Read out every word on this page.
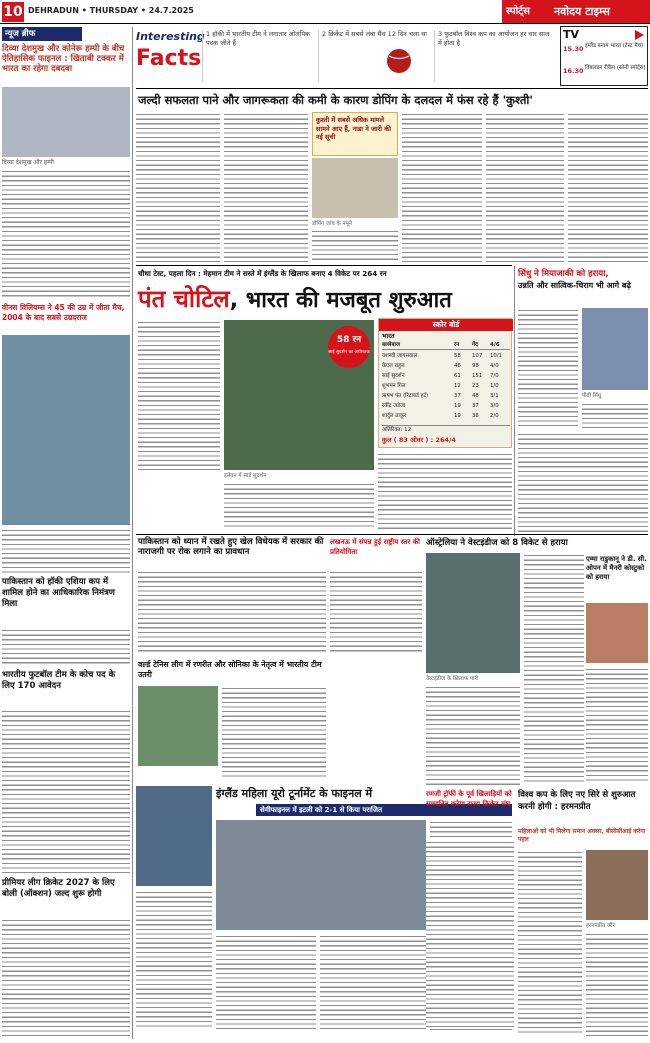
10 DEHRADUN • THURSDAY • 24.7.2025	स्पोर्ट्स	नवोदय टाइम्स
न्यूज ब्रीफ
दिव्या देशमुख और कोनेरू हम्पी के बीच ऐतिहासिक फाइनल : खिताबी टक्कर में भारत का रहेगा दबदबा
दिव्या देशमुख और हम्पी
वीनस विलियम्स ने 45 की उम्र में जीता मैच, 2004 के बाद सबसे उम्रदराज
पाकिस्तान को हॉकी एशिया कप में शामिल होने का आधिकारिक निमंत्रण मिला
भारतीय फुटबॉल टीम के कोच पद के लिए 170 आवेदन
प्रीमियर लीग क्रिकेट 2027 के लिए बोली (ऑक्शन) जल्द शुरू होगी
Interesting
Facts
1 हॉकी में भारतीय टीम ने लगातार ओलंपिक पदक जीते हैं
2 क्रिकेट में सबसे लंबा मैच 12 दिन चला था	3 फुटबॉल विश्व कप का आयोजन हर चार साल में होता है
TV
15.30 इंग्लैंड बनाम भारत (टेस्ट मैच)
16.30 विंबलडन रीकैप (सोनी स्पोर्ट्स)
जल्दी सफलता पाने और जागरूकता की कमी के कारण डोपिंग के दलदल में फंस रहे हैं 'कुश्ती'
कुश्ती में सबसे अधिक मामले सामने आए हैं, नाडा ने जारी की नई सूची
डोपिंग जांच के नमूने
चौथा टेस्ट, पहला दिन : मेहमान टीम ने सस्ते में इंग्लैंड के खिलाफ बनाए 4 विकेट पर 264 रन
पंत चोटिल, भारत की मजबूत शुरुआत
58 रन
साई सुदर्शन का अर्धशतक
इलेवन में साई सुदर्शन
स्कोर बोर्ड
भारत
बल्लेबाज	रन	गेंद	4/6
यशस्वी जायसवाल	58	107	10/1
केएल राहुल	46	98	4/0
साई सुदर्शन	61	151	7/0
शुभमन गिल	12	23	1/0
ऋषभ पंत (रिटायर्ड हर्ट)	37	48	3/1
रवींद्र जडेजा	19	37	3/0
शार्दुल ठाकुर	19	36	2/0
अतिरिक्त: 12
कुल ( 83 ओवर ) : 264/4
सिंधु ने मियाजाकी को हराया,
उन्नति और सात्विक-चिराग भी आगे बढ़े
पीवी सिंधु
पाकिस्तान को ध्यान में रखते हुए खेल विधेयक में सरकार की नाराजगी पर रोक लगाने का प्रावधान
लखनऊ में संपन्न हुई राष्ट्रीय स्तर की प्रतियोगिता
ऑस्ट्रेलिया ने वेस्टइंडीज को 8 विकेट से हराया
वेस्टइंडीज के खिलाफ पारी
एम्मा राडुकानू ने डी. सी. ओपन में मैनरी कोस्टुको को हराया
वर्ल्ड टेनिस लीग में रणरीत और सोनिका के नेतृत्व में भारतीय टीम उतरी
इंग्लैंड महिला यूरो टूर्नामेंट के फाइनल में
सेमीफाइनल में इटली को 2-1 से किया पराजित
रणजी ट्रॉफी के पूर्व खिलाड़ियों को सम्मानित करेगा राज्य क्रिकेट संघ
विश्व कप के लिए नए सिरे से शुरुआत करनी होगी : हरमनप्रीत
महिलाओं को भी मिलेगा समान अवसर, बीसीसीआई करेगा पहल
हरमनप्रीत कौर
